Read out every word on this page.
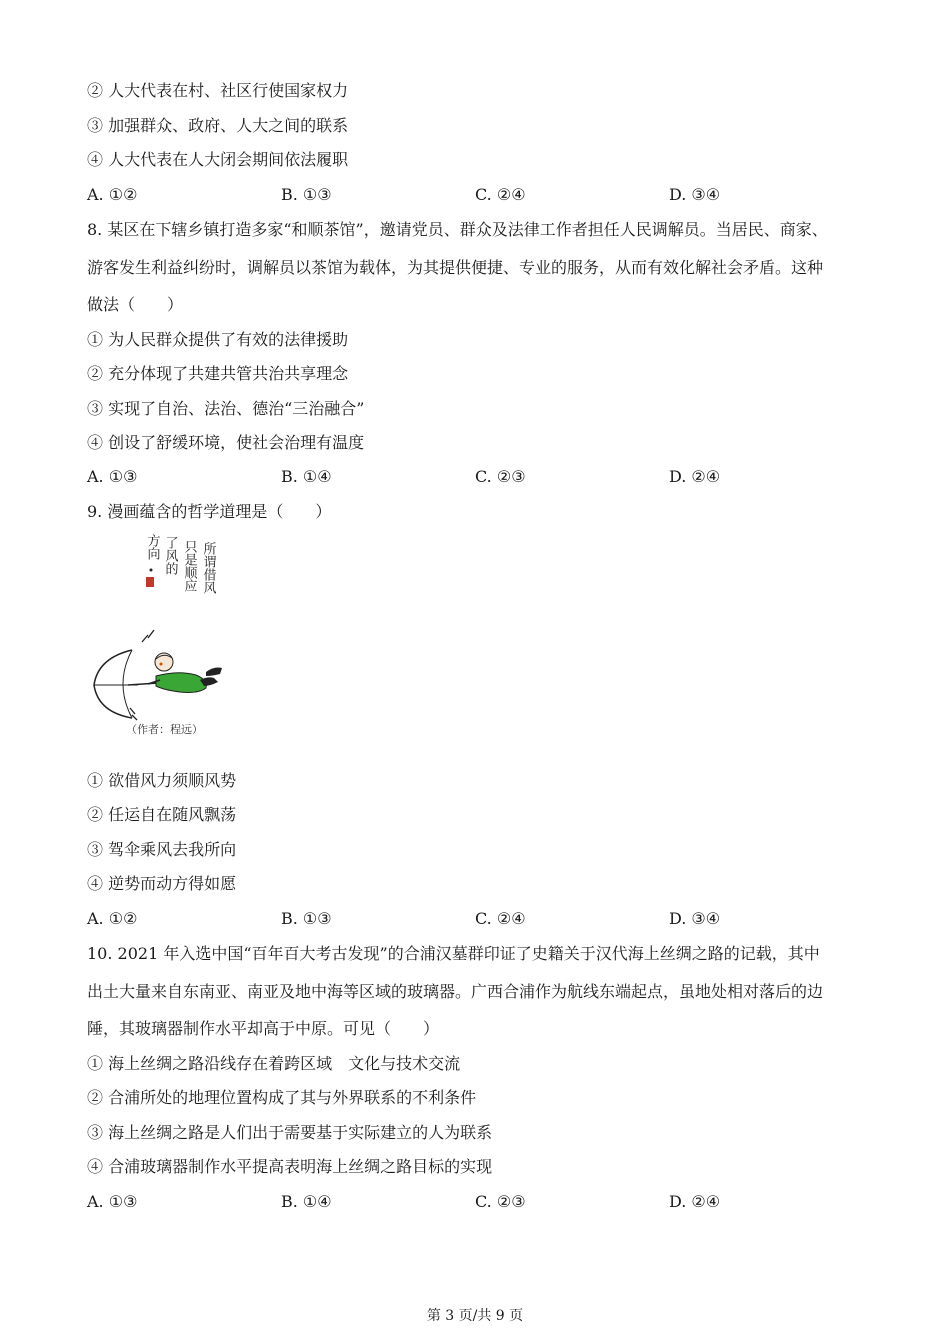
② 人大代表在村、社区行使国家权力
③ 加强群众、政府、人大之间的联系
④ 人大代表在人大闭会期间依法履职
A. ①②	B. ①③	C. ②④	D. ③④
8. 某区在下辖乡镇打造多家“和顺茶馆”，邀请党员、群众及法律工作者担任人民调解员。当居民、商家、
游客发生利益纠纷时，调解员以茶馆为载体，为其提供便捷、专业的服务，从而有效化解社会矛盾。这种
做法（　　）
① 为人民群众提供了有效的法律援助
② 充分体现了共建共管共治共享理念
③ 实现了自治、法治、德治“三治融合”
④ 创设了舒缓环境，使社会治理有温度
A. ①③	B. ①④	C. ②③	D. ②④
9. 漫画蕴含的哲学道理是（　　）
所谓借风
只是顺应
了风的
方向
（作者：程远）
① 欲借风力须顺风势
② 任运自在随风飘荡
③ 驾伞乘风去我所向
④ 逆势而动方得如愿
A. ①②	B. ①③	C. ②④	D. ③④
10. 2021 年入选中国“百年百大考古发现”的合浦汉墓群印证了史籍关于汉代海上丝绸之路的记载，其中
出土大量来自东南亚、南亚及地中海等区域的玻璃器。广西合浦作为航线东端起点，虽地处相对落后的边
陲，其玻璃器制作水平却高于中原。可见（　　）
① 海上丝绸之路沿线存在着跨区域　文化与技术交流
② 合浦所处的地理位置构成了其与外界联系的不利条件
③ 海上丝绸之路是人们出于需要基于实际建立的人为联系
④ 合浦玻璃器制作水平提高表明海上丝绸之路目标的实现
A. ①③	B. ①④	C. ②③	D. ②④
第 3 页/共 9 页
